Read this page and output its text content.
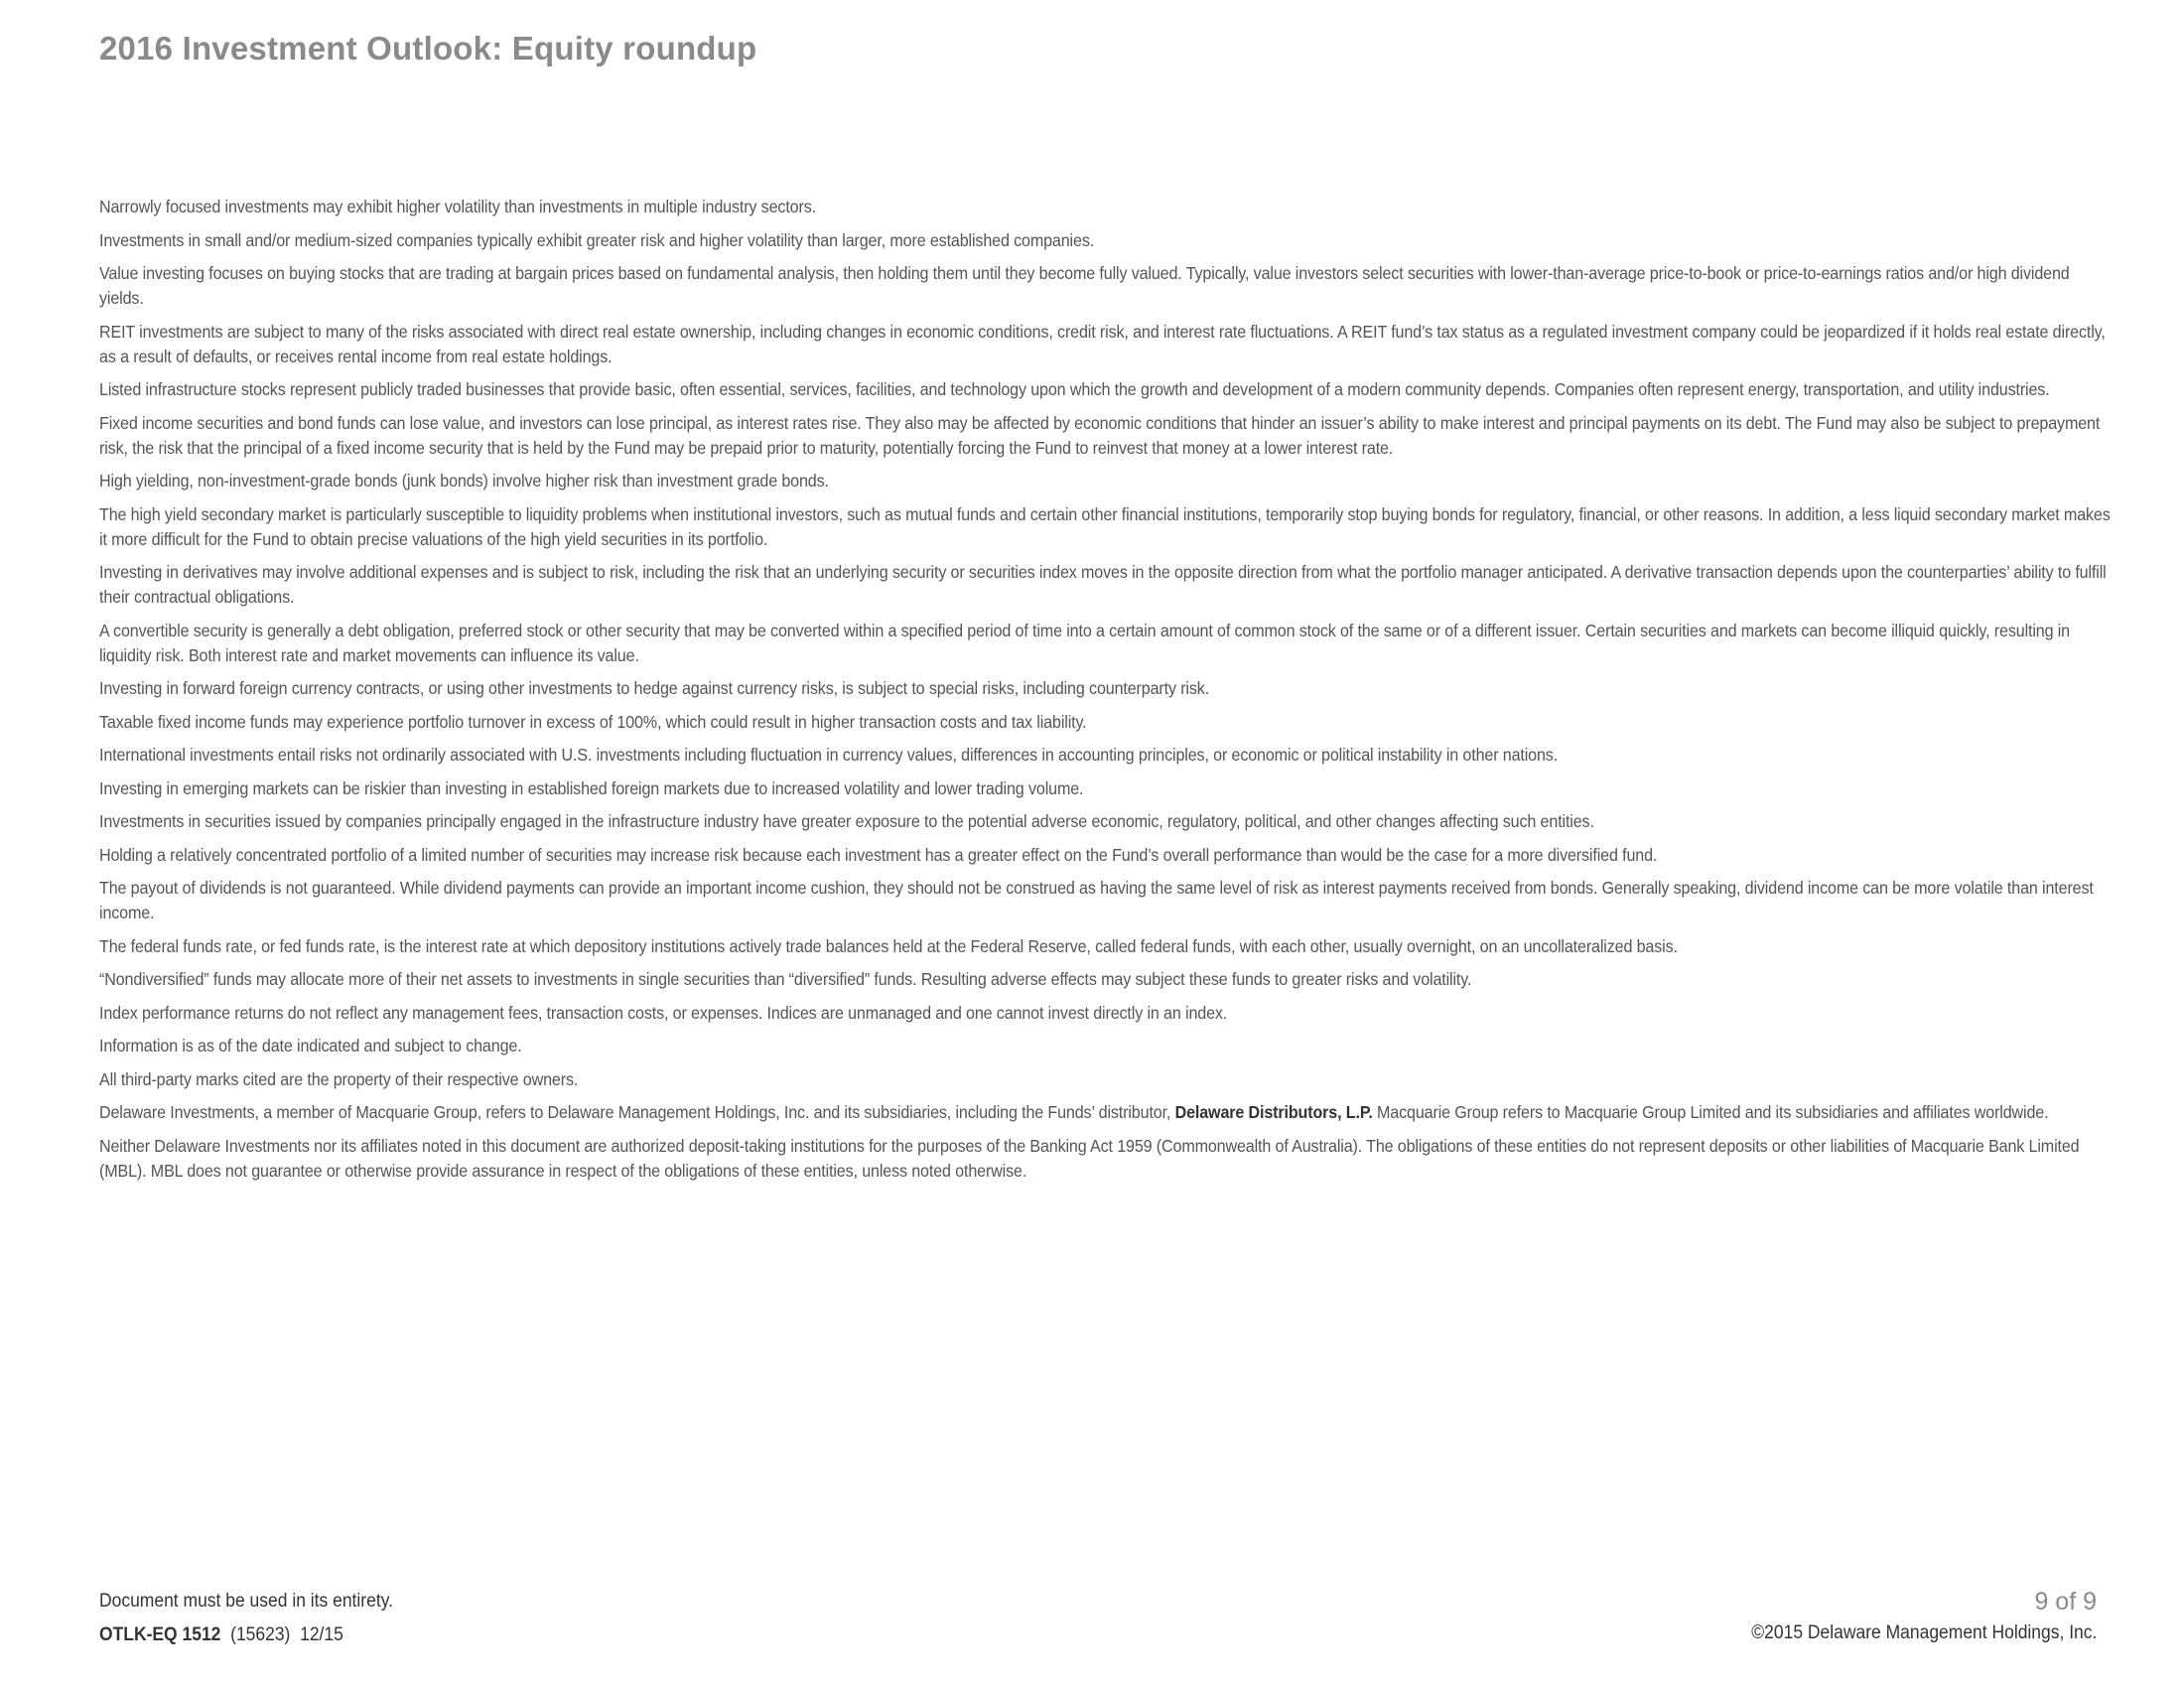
2016 Investment Outlook: Equity roundup

Narrowly focused investments may exhibit higher volatility than investments in multiple industry sectors.

Investments in small and/or medium-sized companies typically exhibit greater risk and higher volatility than larger, more established companies.

Value investing focuses on buying stocks that are trading at bargain prices based on fundamental analysis, then holding them until they become fully valued. Typically, value investors select securities with lower-than-average price-to-book or price-to-earnings ratios and/or high dividend yields.

REIT investments are subject to many of the risks associated with direct real estate ownership, including changes in economic conditions, credit risk, and interest rate fluctuations. A REIT fund’s tax status as a regulated investment company could be jeopardized if it holds real estate directly, as a result of defaults, or receives rental income from real estate holdings.

Listed infrastructure stocks represent publicly traded businesses that provide basic, often essential, services, facilities, and technology upon which the growth and development of a modern community depends. Companies often represent energy, transportation, and utility industries.

Fixed income securities and bond funds can lose value, and investors can lose principal, as interest rates rise. They also may be affected by economic conditions that hinder an issuer’s ability to make interest and principal payments on its debt. The Fund may also be subject to prepayment risk, the risk that the principal of a fixed income security that is held by the Fund may be prepaid prior to maturity, potentially forcing the Fund to reinvest that money at a lower interest rate.

High yielding, non-investment-grade bonds (junk bonds) involve higher risk than investment grade bonds.

The high yield secondary market is particularly susceptible to liquidity problems when institutional investors, such as mutual funds and certain other financial institutions, temporarily stop buying bonds for regulatory, financial, or other reasons. In addition, a less liquid secondary market makes it more difficult for the Fund to obtain precise valuations of the high yield securities in its portfolio.

Investing in derivatives may involve additional expenses and is subject to risk, including the risk that an underlying security or securities index moves in the opposite direction from what the portfolio manager anticipated. A derivative transaction depends upon the counterparties’ ability to fulfill their contractual obligations.

A convertible security is generally a debt obligation, preferred stock or other security that may be converted within a specified period of time into a certain amount of common stock of the same or of a different issuer. Certain securities and markets can become illiquid quickly, resulting in liquidity risk. Both interest rate and market movements can influence its value.

Investing in forward foreign currency contracts, or using other investments to hedge against currency risks, is subject to special risks, including counterparty risk.

Taxable fixed income funds may experience portfolio turnover in excess of 100%, which could result in higher transaction costs and tax liability.

International investments entail risks not ordinarily associated with U.S. investments including fluctuation in currency values, differences in accounting principles, or economic or political instability in other nations.

Investing in emerging markets can be riskier than investing in established foreign markets due to increased volatility and lower trading volume.

Investments in securities issued by companies principally engaged in the infrastructure industry have greater exposure to the potential adverse economic, regulatory, political, and other changes affecting such entities.

Holding a relatively concentrated portfolio of a limited number of securities may increase risk because each investment has a greater effect on the Fund’s overall performance than would be the case for a more diversified fund.

The payout of dividends is not guaranteed. While dividend payments can provide an important income cushion, they should not be construed as having the same level of risk as interest payments received from bonds. Generally speaking, dividend income can be more volatile than interest income.

The federal funds rate, or fed funds rate, is the interest rate at which depository institutions actively trade balances held at the Federal Reserve, called federal funds, with each other, usually overnight, on an uncollateralized basis.

“Nondiversified” funds may allocate more of their net assets to investments in single securities than “diversified” funds. Resulting adverse effects may subject these funds to greater risks and volatility.

Index performance returns do not reflect any management fees, transaction costs, or expenses. Indices are unmanaged and one cannot invest directly in an index.

Information is as of the date indicated and subject to change.

All third-party marks cited are the property of their respective owners.

Delaware Investments, a member of Macquarie Group, refers to Delaware Management Holdings, Inc. and its subsidiaries, including the Funds’ distributor, Delaware Distributors, L.P. Macquarie Group refers to Macquarie Group Limited and its subsidiaries and affiliates worldwide.

Neither Delaware Investments nor its affiliates noted in this document are authorized deposit-taking institutions for the purposes of the Banking Act 1959 (Commonwealth of Australia). The obligations of these entities do not represent deposits or other liabilities of Macquarie Bank Limited (MBL). MBL does not guarantee or otherwise provide assurance in respect of the obligations of these entities, unless noted otherwise.

Document must be used in its entirety.
OTLK-EQ 1512 (15623) 12/15
9 of 9
©2015 Delaware Management Holdings, Inc.
